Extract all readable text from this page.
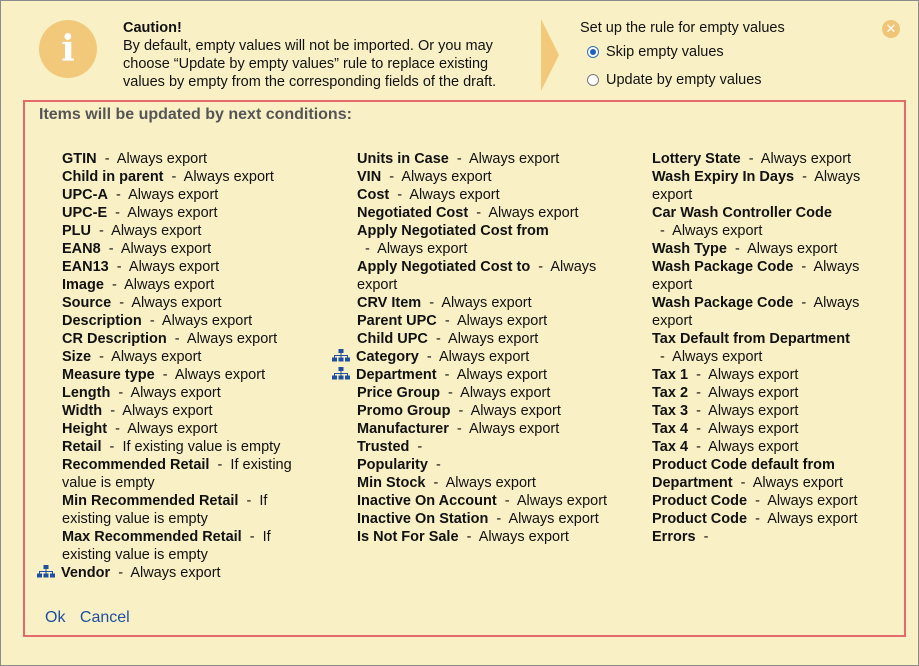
i	Caution!
By default, empty values will not be imported. Or you may choose “Update by empty values” rule to replace existing values by empty from the corresponding fields of the draft.
Set up the rule for empty values
Skip empty values
Update by empty values
✕
Items will be updated by next conditions:
GTIN  -  Always export
Child in parent  -  Always export
UPC-A  -  Always export
UPC-E  -  Always export
PLU  -  Always export
EAN8  -  Always export
EAN13  -  Always export
Image  -  Always export
Source  -  Always export
Description  -  Always export
CR Description  -  Always export
Size  -  Always export
Measure type  -  Always export
Length  -  Always export
Width  -  Always export
Height  -  Always export
Retail  -  If existing value is empty
Recommended Retail  -  If existing value is empty
Min Recommended Retail  -  If existing value is empty
Max Recommended Retail  -  If existing value is empty
Vendor  -  Always export
Units in Case  -  Always export
VIN  -  Always export
Cost  -  Always export
Negotiated Cost  -  Always export
Apply Negotiated Cost from  -  Always export
Apply Negotiated Cost to  -  Always export
CRV Item  -  Always export
Parent UPC  -  Always export
Child UPC  -  Always export
Category  -  Always export
Department  -  Always export
Price Group  -  Always export
Promo Group  -  Always export
Manufacturer  -  Always export
Trusted  -
Popularity  -
Min Stock  -  Always export
Inactive On Account  -  Always export
Inactive On Station  -  Always export
Is Not For Sale  -  Always export
Lottery State  -  Always export
Wash Expiry In Days  -  Always export
Car Wash Controller Code  -  Always export
Wash Type  -  Always export
Wash Package Code  -  Always export
Wash Package Code  -  Always export
Tax Default from Department  -  Always export
Tax 1  -  Always export
Tax 2  -  Always export
Tax 3  -  Always export
Tax 4  -  Always export
Tax 4  -  Always export
Product Code default from Department  -  Always export
Product Code  -  Always export
Product Code  -  Always export
Errors  -
Ok Cancel
